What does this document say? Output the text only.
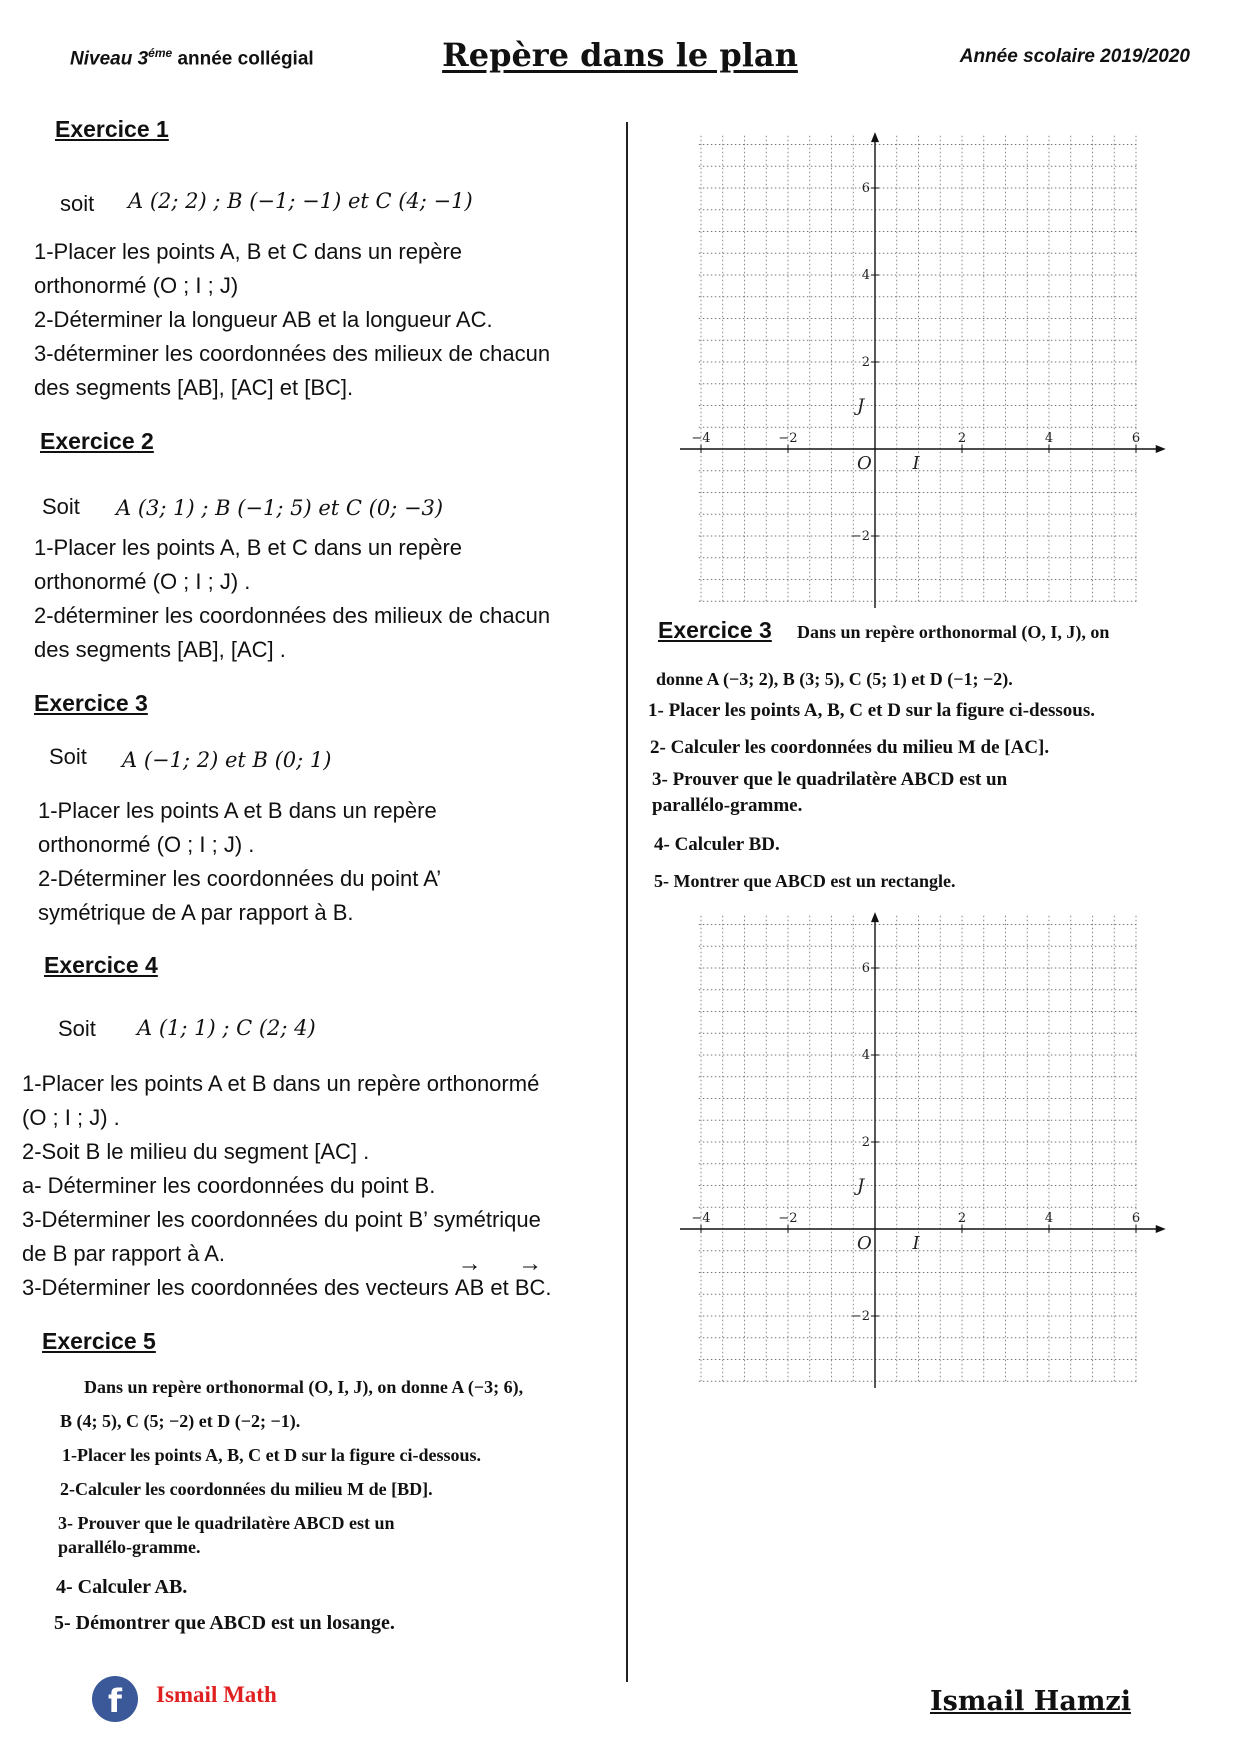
Niveau $3^{éme}$ année collégial	Repère dans le plan	Année scolaire 2019/2020
Exercice 1
soit A (2; 2) ; B (−1; −1) et C (4; −1)
1-Placer les points A, B et C dans un repère
orthonormé (O ; I ; J)
2-Déterminer la longueur AB et la longueur AC.
3-déterminer les coordonnées des milieux de chacun
des segments [AB], [AC] et [BC].
Exercice 2
Soit A (3; 1) ; B (−1; 5) et C (0; −3)
1-Placer les points A, B et C dans un repère
orthonormé (O ; I ; J) .
2-déterminer les coordonnées des milieux de chacun
des segments [AB], [AC] .
Exercice 3
Soit A (−1; 2) et B (0; 1)
1-Placer les points A et B dans un repère
orthonormé (O ; I ; J) .
2-Déterminer les coordonnées du point A’
symétrique de A par rapport à B.
Exercice 4
Soit A (1; 1) ; C (2; 4)
1-Placer les points A et B dans un repère orthonormé
(O ; I ; J) .
2-Soit B le milieu du segment [AC] .
a- Déterminer les coordonnées du point B.
3-Déterminer les coordonnées du point B’ symétrique
de B par rapport à A.
3-Déterminer les coordonnées des vecteurs → AB et → BC.
Exercice 5
Dans un repère orthonormal (O, I, J), on donne A (−3; 6),
B (4; 5), C (5; −2) et D (−2; −1).
1-Placer les points A, B, C et D sur la figure ci-dessous.
2-Calculer les coordonnées du milieu M de [BD].
3- Prouver que le quadrilatère ABCD est un
parallélo-gramme.
4- Calculer AB.
5- Démontrer que ABCD est un losange.
−4	−2	2	4	6
6
4
2
−2
O I
J
Exercice 3 Dans un repère orthonormal (O, I, J), on
donne A (−3; 2), B (3; 5), C (5; 1) et D (−1; −2).
1- Placer les points A, B, C et D sur la figure ci-dessous.
2- Calculer les coordonnées du milieu M de [AC].
3- Prouver que le quadrilatère ABCD est un
parallélo-gramme.
4- Calculer BD.
5- Montrer que ABCD est un rectangle.
−4	−2	2	4	6
6
4
2
−2
O I
J
f	Ismail Math	Ismail Hamzi
